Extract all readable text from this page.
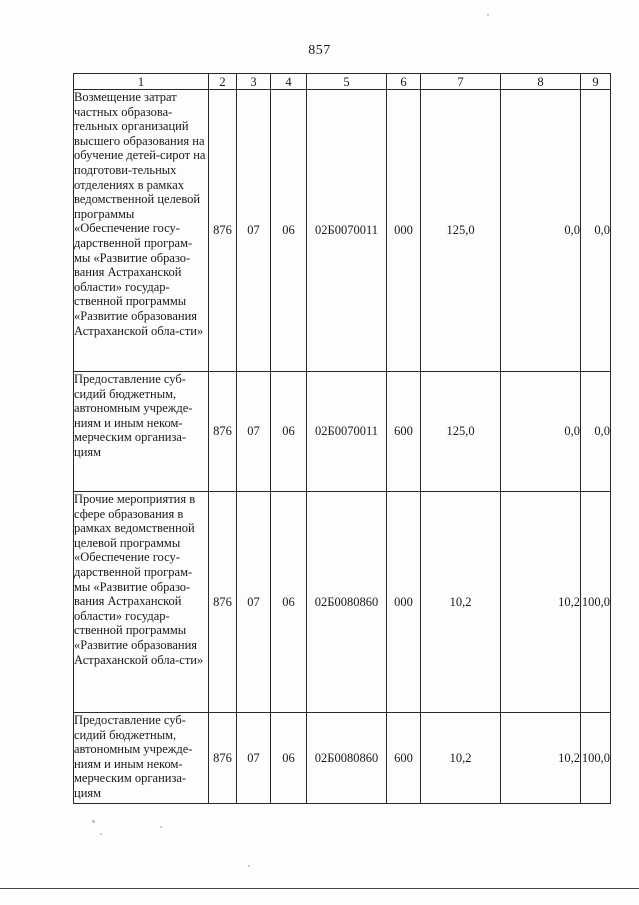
857
1	2	3	4	5	6	7	8	9
Возмещение затрат частных образова-тельных организаций высшего образования на обучение детей-сирот на подготови-тельных отделениях в рамках ведомственной целевой программы «Обеспечение госу-дарственной програм-мы «Развитие образо-вания Астраханской области» государ-ственной программы «Развитие образования Астраханской обла-сти»	876	07	06	02Б0070011	000	125,0	0,0	0,0
Предоставление суб-сидий бюджетным, автономным учрежде-ниям и иным неком-мерческим организа-циям	876	07	06	02Б0070011	600	125,0	0,0	0,0
Прочие мероприятия в сфере образования в рамках ведомственной целевой программы «Обеспечение госу-дарственной програм-мы «Развитие образо-вания Астраханской области» государ-ственной программы «Развитие образования Астраханской обла-сти»	876	07	06	02Б0080860	000	10,2	10,2	100,0
Предоставление суб-сидий бюджетным, автономным учрежде-ниям и иным неком-мерческим организа-циям	876	07	06	02Б0080860	600	10,2	10,2	100,0
